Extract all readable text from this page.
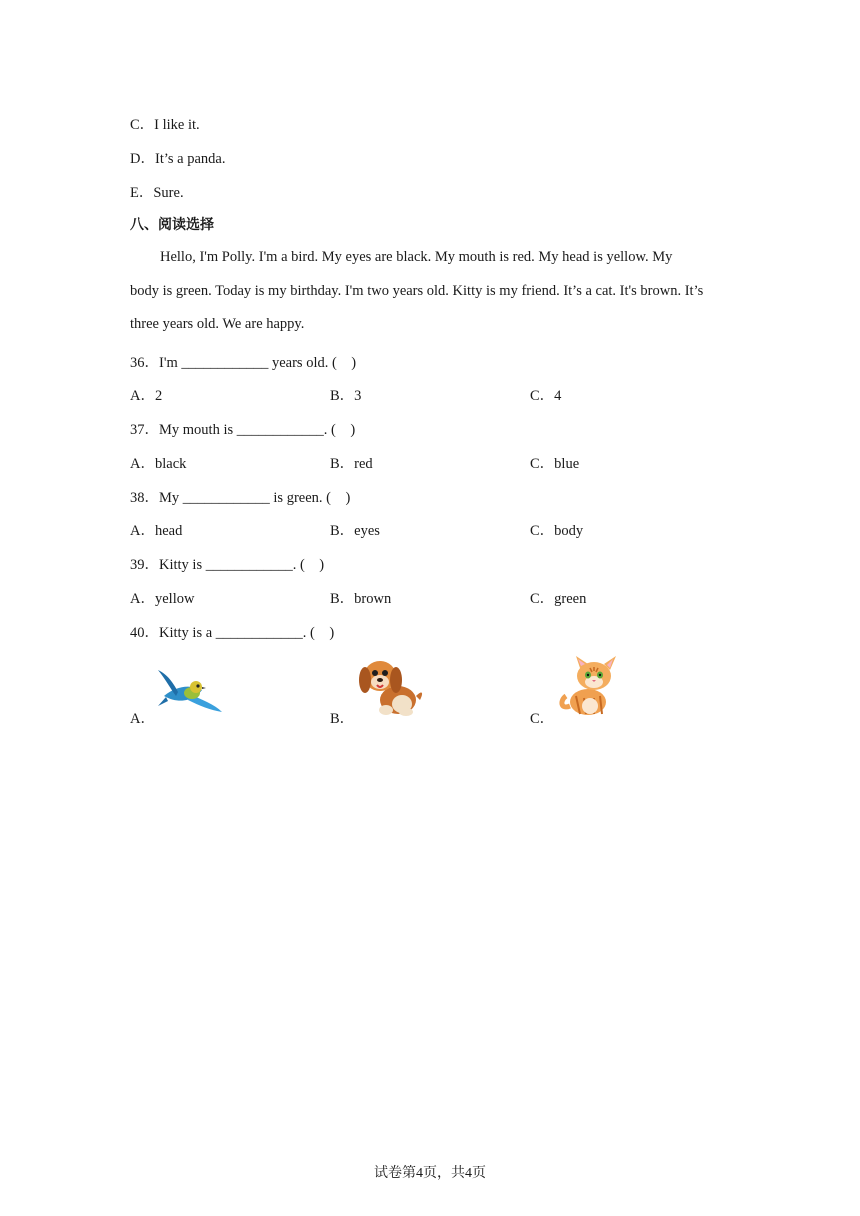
C．I like it.
D．It’s a panda.
E．Sure.
八、阅读选择
Hello, I'm Polly. I'm a bird. My eyes are black. My mouth is red. My head is yellow. My
body is green. Today is my birthday. I'm two years old. Kitty is my friend. It’s a cat. It's brown. It’s
three years old. We are happy.
36．I'm ____________ years old. (　)
A．2	B．3	C．4
37．My mouth is ____________. (　)
A．black	B．red	C．blue
38．My ____________ is green. (　)
A．head	B．eyes	C．body
39．Kitty is ____________. (　)
A．yellow	B．brown	C．green
40．Kitty is a ____________. (　)
A．	B．	C．
试卷第4页，共4页
